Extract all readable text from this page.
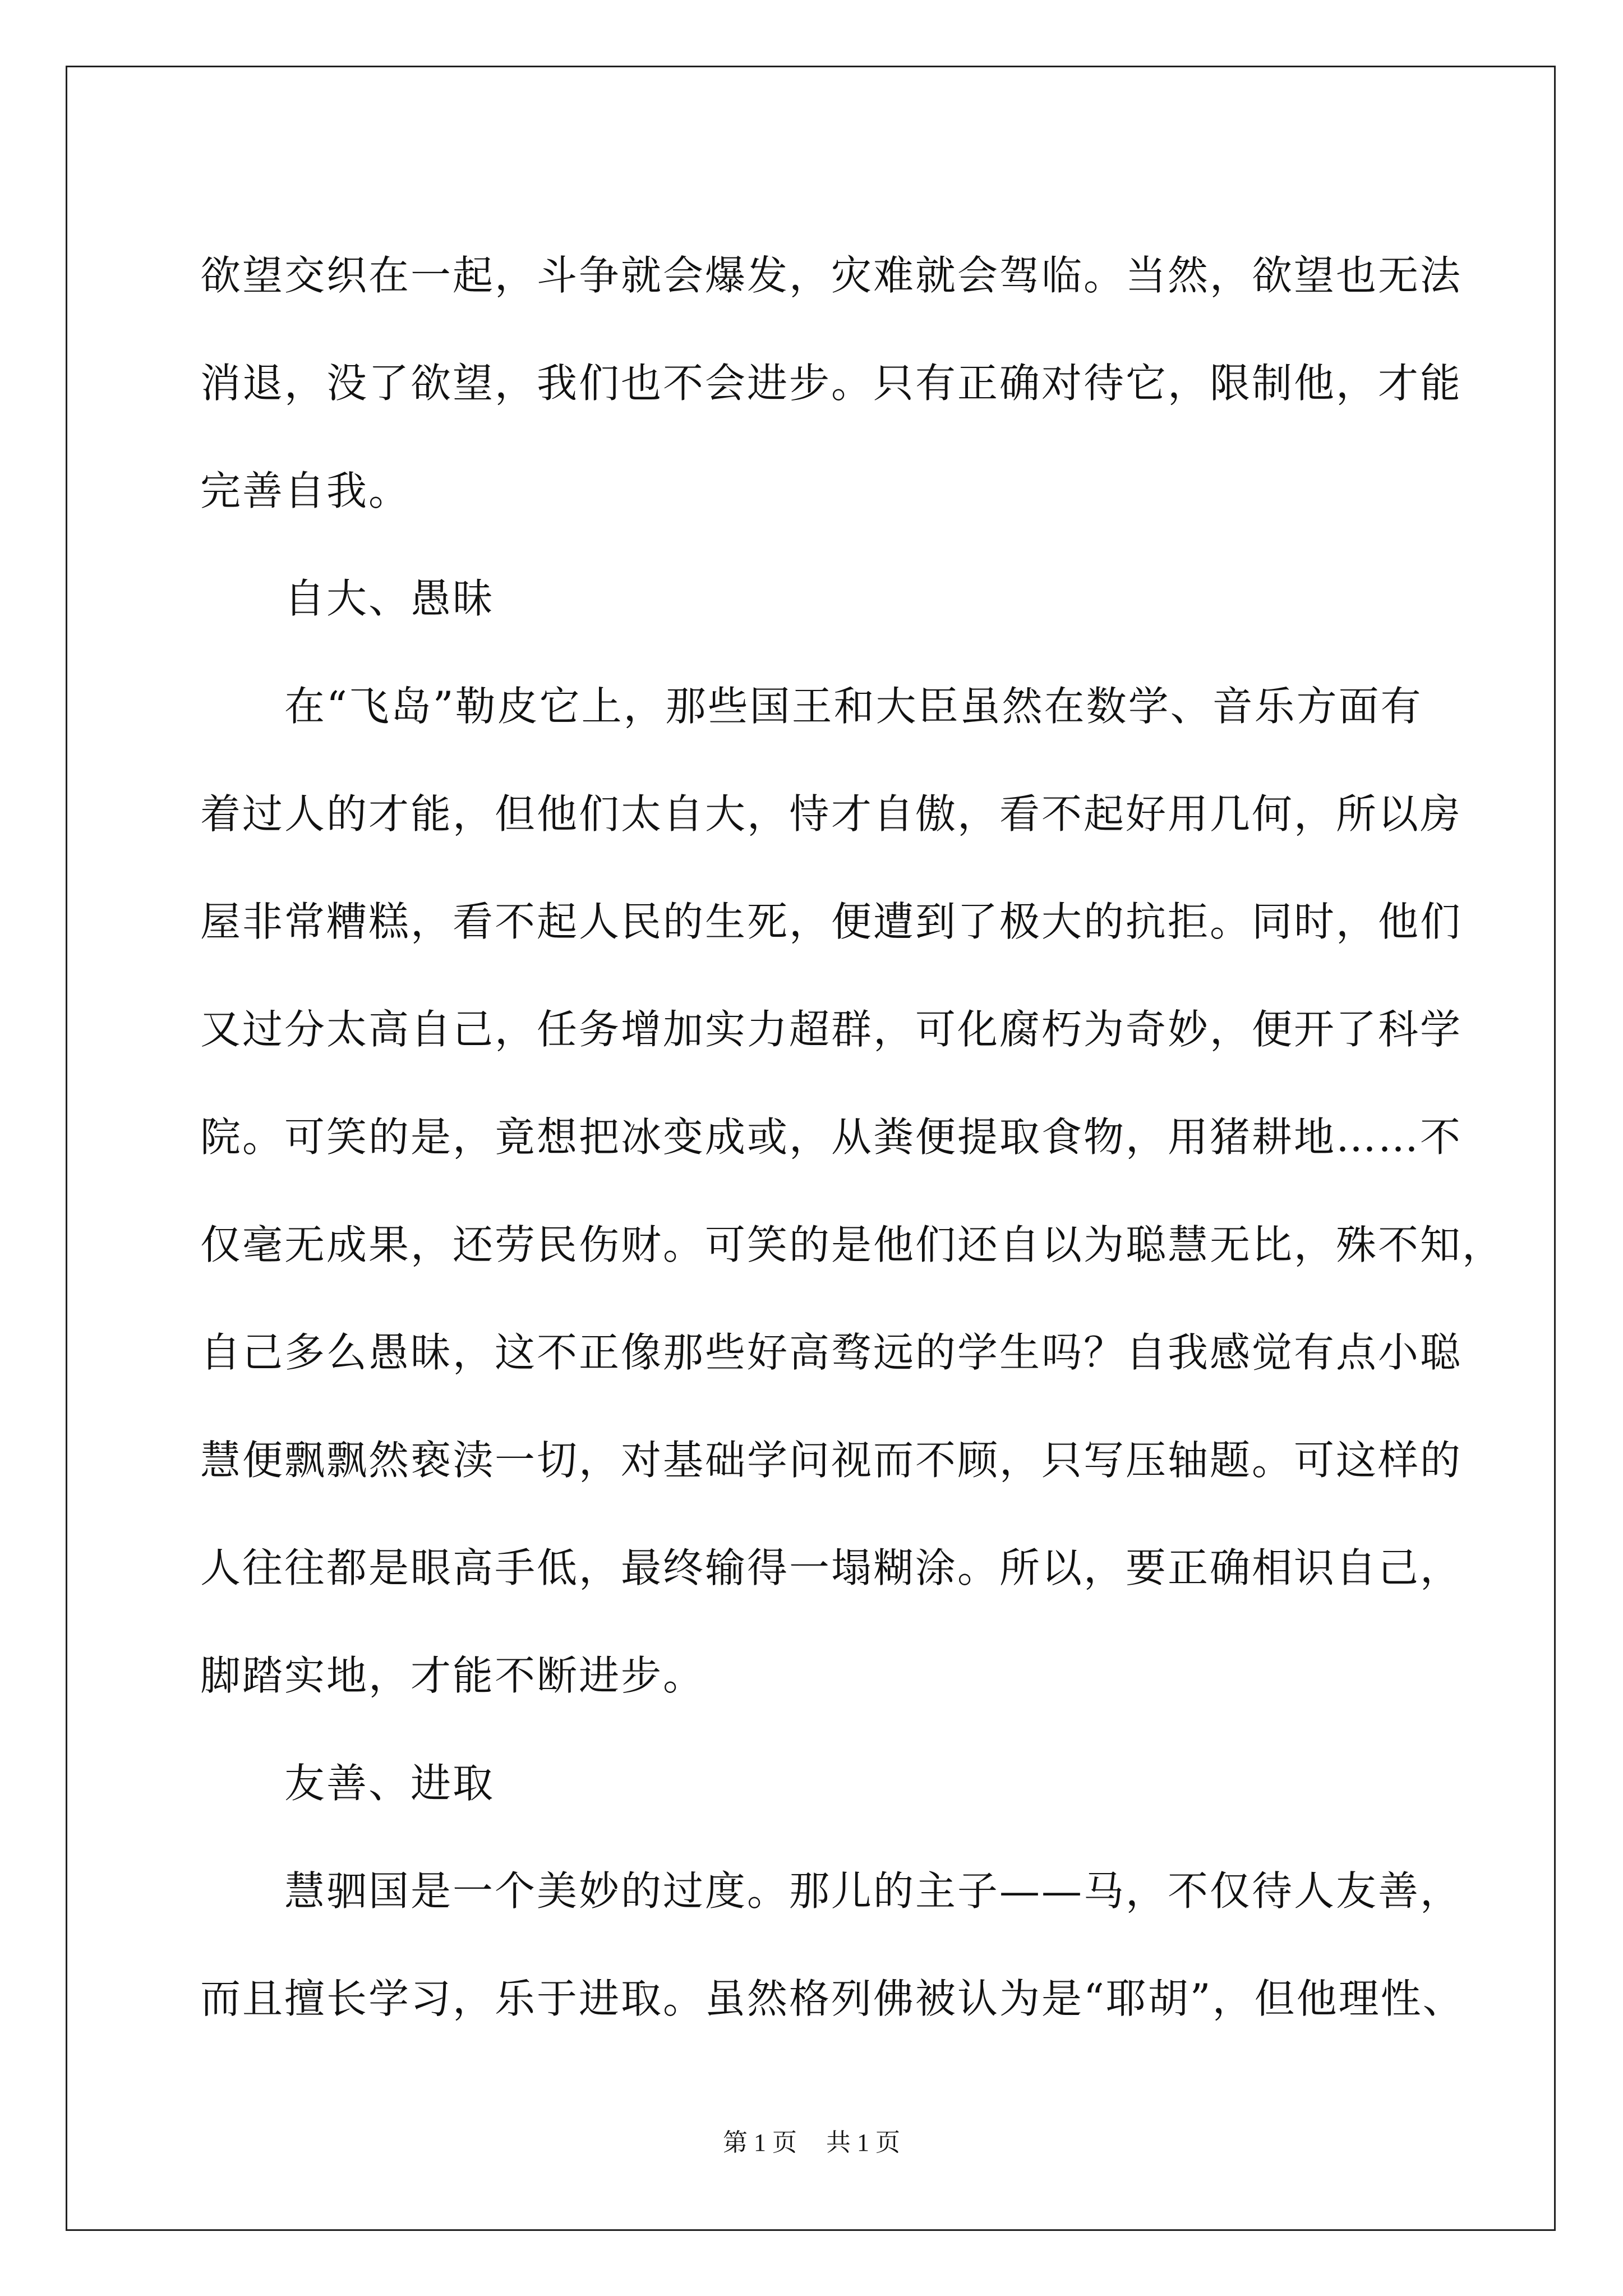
欲望交织在一起，斗争就会爆发，灾难就会驾临。当然，欲望也无法
消退，没了欲望，我们也不会进步。只有正确对待它，限制他，才能
完善自我。
自大、愚昧
在“飞岛”勒皮它上，那些国王和大臣虽然在数学、音乐方面有
着过人的才能，但他们太自大，恃才自傲，看不起好用几何，所以房
屋非常糟糕，看不起人民的生死，便遭到了极大的抗拒。同时，他们
又过分太高自己，任务增加实力超群，可化腐朽为奇妙，便开了科学
院。可笑的是，竟想把冰变成或，从粪便提取食物，用猪耕地……不
仅毫无成果，还劳民伤财。可笑的是他们还自以为聪慧无比，殊不知，
自己多么愚昧，这不正像那些好高骛远的学生吗？自我感觉有点小聪
慧便飘飘然亵渎一切，对基础学问视而不顾，只写压轴题。可这样的
人往往都是眼高手低，最终输得一塌糊涂。所以，要正确相识自己，
脚踏实地，才能不断进步。
友善、进取
慧驷国是一个美妙的过度。那儿的主子——马，不仅待人友善，
而且擅长学习，乐于进取。虽然格列佛被认为是“耶胡”，但他理性、
第 1 页 共 1 页
